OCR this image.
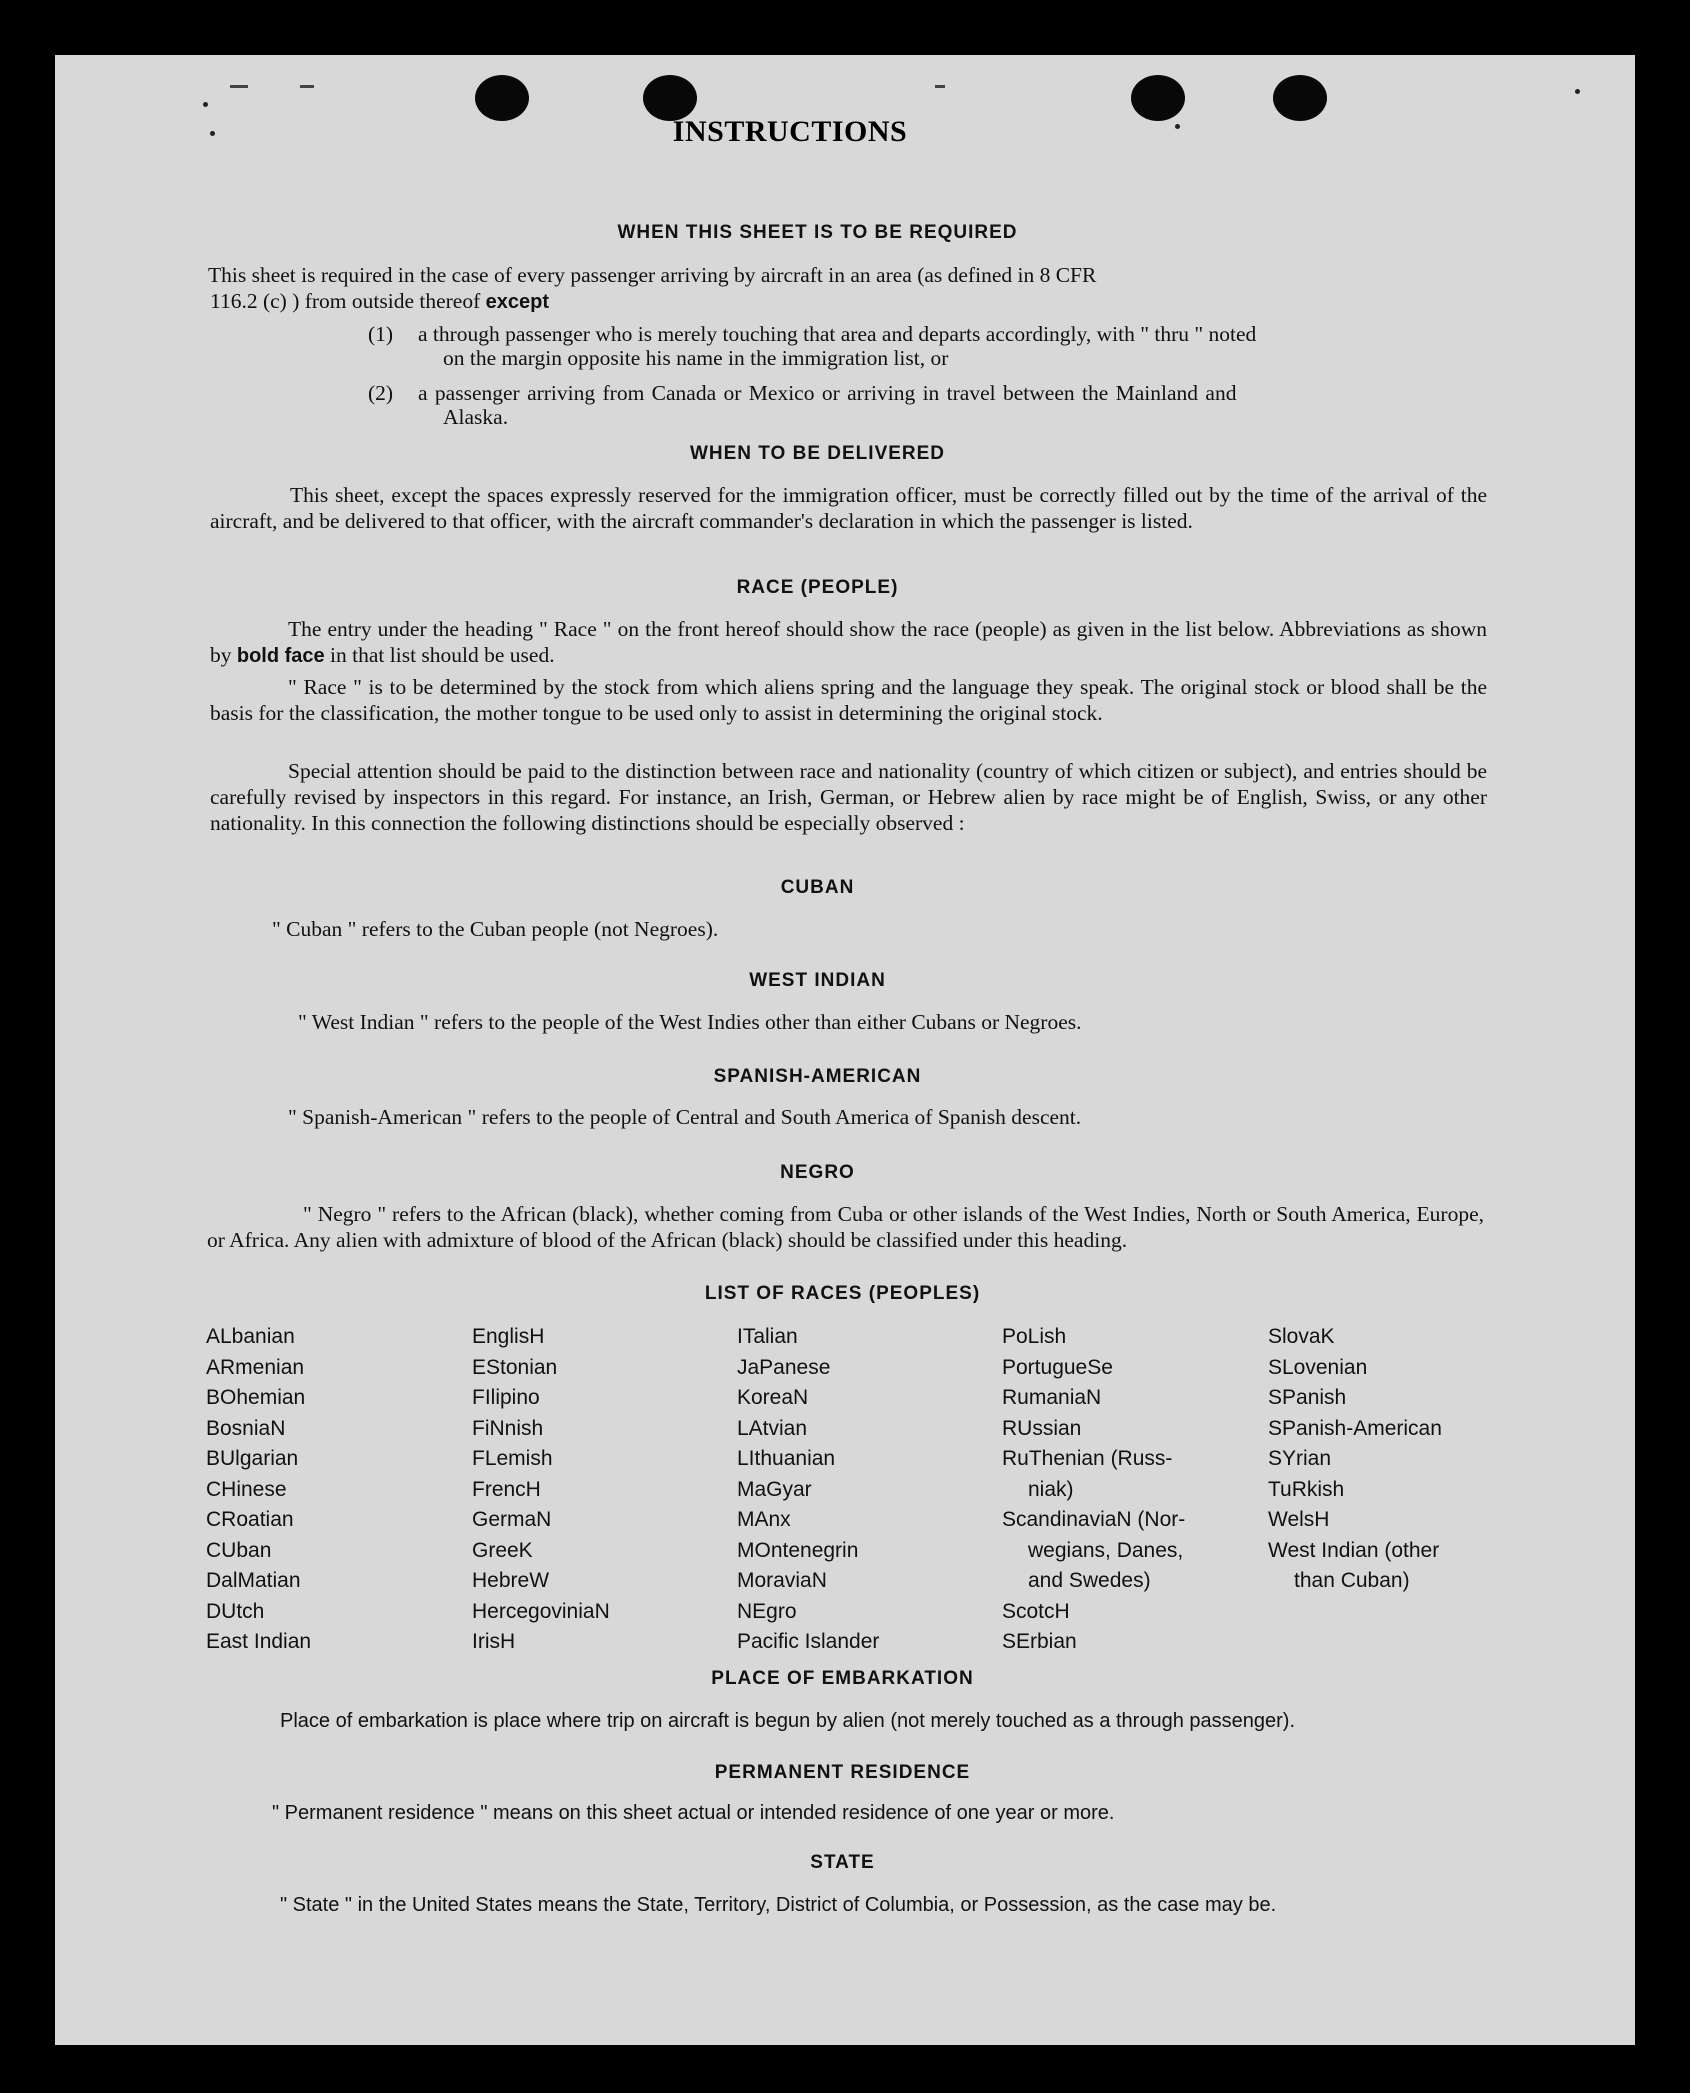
INSTRUCTIONS
WHEN THIS SHEET IS TO BE REQUIRED
This sheet is required in the case of every passenger arriving by aircraft in an area (as defined in 8 CFR
116.2 (c) ) from outside thereof except
(1) a through passenger who is merely touching that area and departs accordingly, with " thru " noted
on the margin opposite his name in the immigration list, or
(2) a passenger arriving from Canada or Mexico or arriving in travel between the Mainland and
Alaska.
WHEN TO BE DELIVERED
This sheet, except the spaces expressly reserved for the immigration officer, must be correctly filled out by the time of the arrival of the aircraft, and be delivered to that officer, with the aircraft commander's declaration in which the passenger is listed.
RACE (PEOPLE)
The entry under the heading " Race " on the front hereof should show the race (people) as given in the list below. Abbreviations as shown by bold face in that list should be used.
" Race " is to be determined by the stock from which aliens spring and the language they speak. The original stock or blood shall be the basis for the classification, the mother tongue to be used only to assist in determining the original stock.
Special attention should be paid to the distinction between race and nationality (country of which citizen or subject), and entries should be carefully revised by inspectors in this regard. For instance, an Irish, German, or Hebrew alien by race might be of English, Swiss, or any other nationality. In this connection the following distinctions should be especially observed :
CUBAN
" Cuban " refers to the Cuban people (not Negroes).
WEST INDIAN
" West Indian " refers to the people of the West Indies other than either Cubans or Negroes.
SPANISH-AMERICAN
" Spanish-American " refers to the people of Central and South America of Spanish descent.
NEGRO
" Negro " refers to the African (black), whether coming from Cuba or other islands of the West Indies, North or South America, Europe, or Africa. Any alien with admixture of blood of the African (black) should be classified under this heading.
LIST OF RACES (PEOPLES)
ALbanian
ARmenian
BOhemian
BosniaN
BUlgarian
CHinese
CRoatian
CUban
DalMatian
DUtch
East Indian
EnglisH
EStonian
FIlipino
FiNnish
FLemish
FrencH
GermaN
GreeK
HebreW
HercegoviniaN
IrisH
ITalian
JaPanese
KoreaN
LAtvian
LIthuanian
MaGyar
MAnx
MOntenegrin
MoraviaN
NEgro
Pacific Islander
PoLish
PortugueSe
RumaniaN
RUssian
RuThenian (Russ-
niak)
ScandinaviaN (Nor-
wegians, Danes,
and Swedes)
ScotcH
SErbian
SlovaK
SLovenian
SPanish
SPanish-American
SYrian
TuRkish
WelsH
West Indian (other
than Cuban)
PLACE OF EMBARKATION
Place of embarkation is place where trip on aircraft is begun by alien (not merely touched as a through passenger).
PERMANENT RESIDENCE
" Permanent residence " means on this sheet actual or intended residence of one year or more.
STATE
" State " in the United States means the State, Territory, District of Columbia, or Possession, as the case may be.
